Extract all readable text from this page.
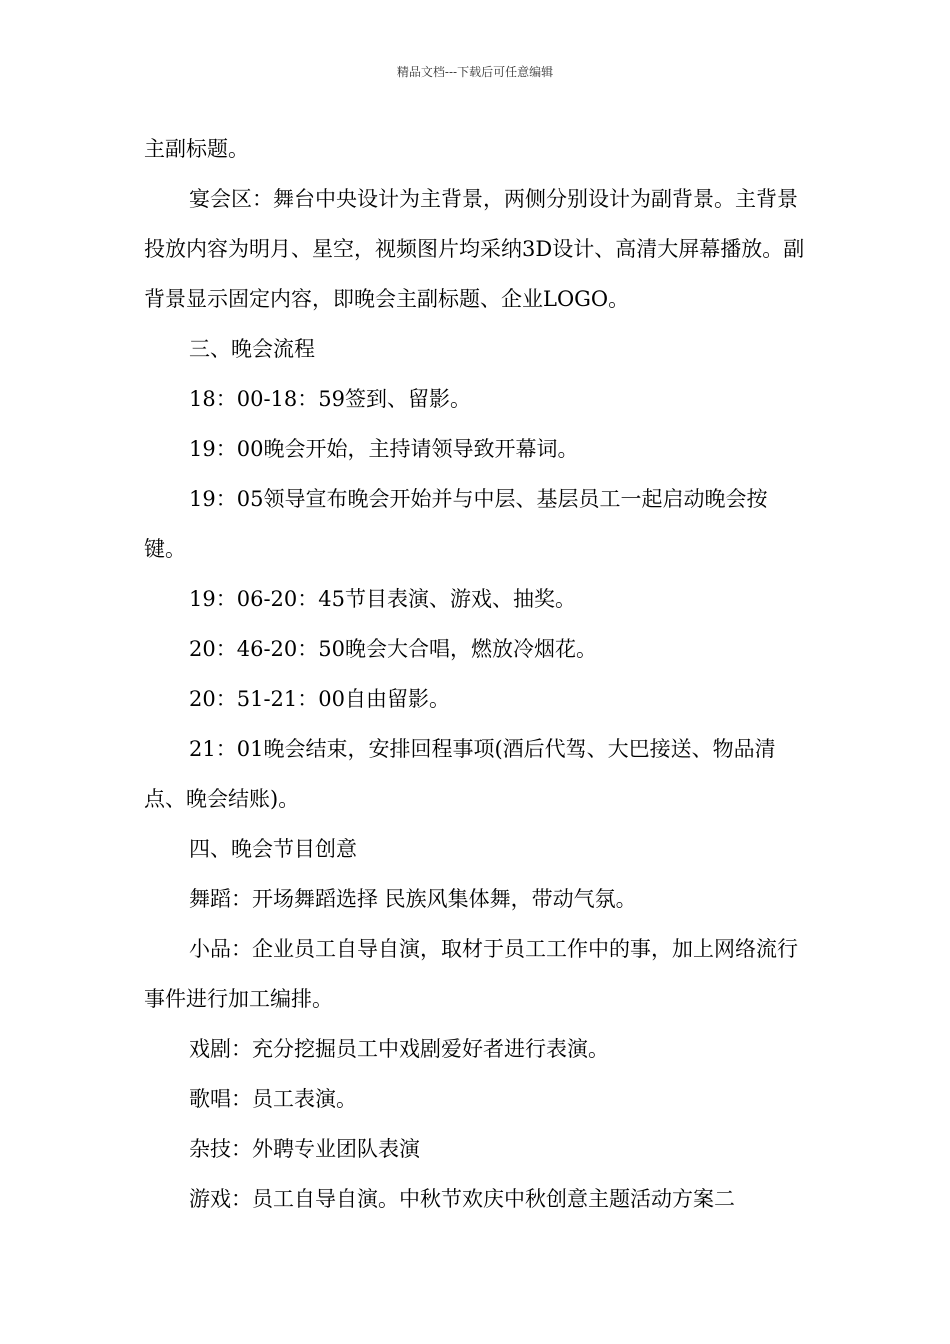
精品文档---下载后可任意编辑

主副标题。

宴会区：舞台中央设计为主背景，两侧分别设计为副背景。主背景投放内容为明月、星空，视频图片均采纳3D设计、高清大屏幕播放。副背景显示固定内容，即晚会主副标题、企业LOGO。

三、晚会流程

18：00-18：59签到、留影。

19：00晚会开始，主持请领导致开幕词。

19：05领导宣布晚会开始并与中层、基层员工一起启动晚会按键。

19：06-20：45节目表演、游戏、抽奖。

20：46-20：50晚会大合唱，燃放冷烟花。

20：51-21：00自由留影。

21：01晚会结束，安排回程事项(酒后代驾、大巴接送、物品清点、晚会结账)。

四、晚会节目创意

舞蹈：开场舞蹈选择 民族风集体舞，带动气氛。

小品：企业员工自导自演，取材于员工工作中的事，加上网络流行事件进行加工编排。

戏剧：充分挖掘员工中戏剧爱好者进行表演。

歌唱：员工表演。

杂技：外聘专业团队表演

游戏：员工自导自演。中秋节欢庆中秋创意主题活动方案二
